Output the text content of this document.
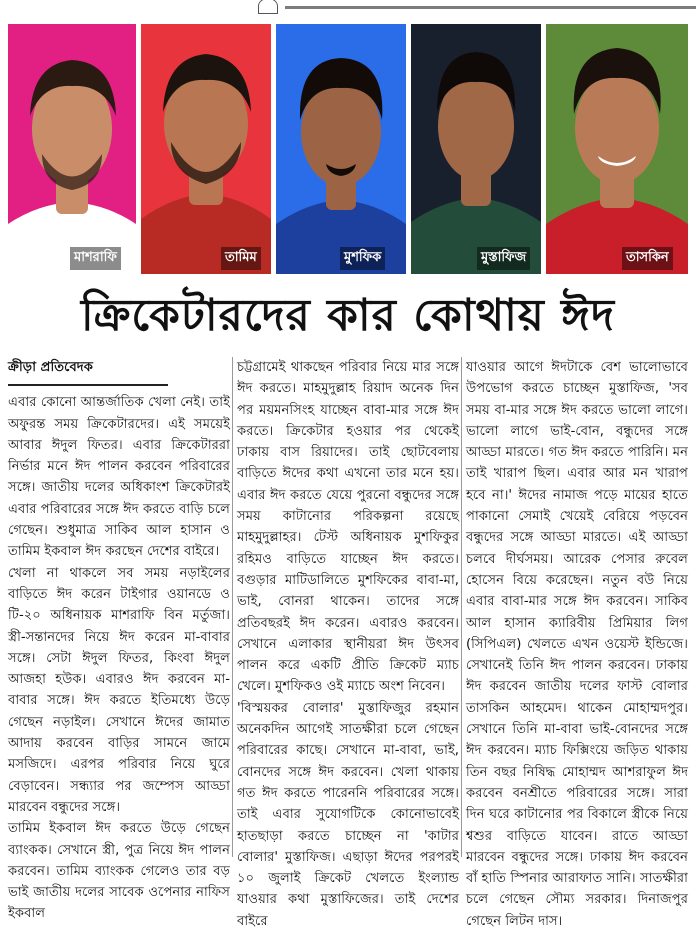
মাশরাফি	তামিম	মুশফিক	মুস্তাফিজ	তাসকিন
ক্রিকেটারদের কার কোথায় ঈদ
ক্রীড়া প্রতিবেদক

এবার কোনো আন্তর্জাতিক খেলা নেই। তাই অফুরন্ত সময় ক্রিকেটারদের। এই সময়েই আবার ঈদুল ফিতর। এবার ক্রিকেটাররা নির্ভার মনে ঈদ পালন করবেন পরিবারের সঙ্গে। জাতীয় দলের অধিকাংশ ক্রিকেটারই এবার পরিবারের সঙ্গে ঈদ করতে বাড়ি চলে গেছেন। শুধুমাত্র সাকিব আল হাসান ও তামিম ইকবাল ঈদ করছেন দেশের বাইরে।

খেলা না থাকলে সব সময় নড়াইলের বাড়িতে ঈদ করেন টাইগার ওয়ানডে ও টি-২০ অধিনায়ক মাশরাফি বিন মর্তুজা। স্ত্রী-সন্তানদের নিয়ে ঈদ করেন মা-বাবার সঙ্গে। সেটা ঈদুল ফিতর, কিংবা ঈদুল আজহা হউক। এবারও ঈদ করবেন মা-বাবার সঙ্গে। ঈদ করতে ইতিমধ্যে উড়ে গেছেন নড়াইল। সেখানে ঈদের জামাত আদায় করবেন বাড়ির সামনে জামে মসজিদে। এরপর পরিবার নিয়ে ঘুরে বেড়াবেন। সন্ধ্যার পর জম্পেস আড্ডা মারবেন বন্ধুদের সঙ্গে।

তামিম ইকবাল ঈদ করতে উড়ে গেছেন ব্যাংকক। সেখানে স্ত্রী, পুত্র নিয়ে ঈদ পালন করবেন। তামিম ব্যাংকক গেলেও তার বড় ভাই জাতীয় দলের সাবেক ওপেনার নাফিস ইকবাল

চট্টগ্রামেই থাকছেন পরিবার নিয়ে মার সঙ্গে ঈদ করতে। মাহমুদুল্লাহ রিয়াদ অনেক দিন পর ময়মনসিংহ যাচ্ছেন বাবা-মার সঙ্গে ঈদ করতে। ক্রিকেটার হওয়ার পর থেকেই ঢাকায় বাস রিয়াদের। তাই ছোটবেলায় বাড়িতে ঈদের কথা এখনো তার মনে হয়। এবার ঈদ করতে যেয়ে পুরনো বন্ধুদের সঙ্গে সময় কাটানোর পরিকল্পনা রয়েছে মাহমুদুল্লাহর। টেস্ট অধিনায়ক মুশফিকুর রহিমও বাড়িতে যাচ্ছেন ঈদ করতে। বগুড়ার মাটিডালিতে মুশফিকের বাবা-মা, ভাই, বোনরা থাকেন। তাদের সঙ্গে প্রতিবছরই ঈদ করেন। এবারও করবেন। সেখানে এলাকার স্থানীয়রা ঈদ উৎসব পালন করে একটি প্রীতি ক্রিকেট ম্যাচ খেলে। মুশফিকও ওই ম্যাচে অংশ নিবেন।

'বিস্ময়কর বোলার' মুস্তাফিজুর রহমান অনেকদিন আগেই সাতক্ষীরা চলে গেছেন পরিবারের কাছে। সেখানে মা-বাবা, ভাই, বোনদের সঙ্গে ঈদ করবেন। খেলা থাকায় গত ঈদ করতে পারেননি পরিবারের সঙ্গে। তাই এবার সুযোগটিকে কোনোভাবেই হাতছাড়া করতে চাচ্ছেন না 'কাটার বোলার' মুস্তাফিজ। এছাড়া ঈদের পরপরই ১০ জুলাই ক্রিকেট খেলতে ইংল্যান্ড যাওয়ার কথা মুস্তাফিজের। তাই দেশের বাইরে

যাওয়ার আগে ঈদটাকে বেশ ভালোভাবে উপভোগ করতে চাচ্ছেন মুস্তাফিজ, 'সব সময় বা-মার সঙ্গে ঈদ করতে ভালো লাগে। ভালো লাগে ভাই-বোন, বন্ধুদের সঙ্গে আড্ডা মারতে। গত ঈদ করতে পারিনি। মন তাই খারাপ ছিল। এবার আর মন খারাপ হবে না।' ঈদের নামাজ পড়ে মায়ের হাতে পাকানো সেমাই খেয়েই বেরিয়ে পড়বেন বন্ধুদের সঙ্গে আড্ডা মারতে। এই আড্ডা চলবে দীর্ঘসময়। আরেক পেসার রুবেল হোসেন বিয়ে করেছেন। নতুন বউ নিয়ে এবার বাবা-মার সঙ্গে ঈদ করবেন। সাকিব আল হাসান ক্যারিবীয় প্রিমিয়ার লিগ (সিপিএল) খেলতে এখন ওয়েস্ট ইন্ডিজে। সেখানেই তিনি ঈদ পালন করবেন। ঢাকায় ঈদ করবেন জাতীয় দলের ফাস্ট বোলার তাসকিন আহমেদ। থাকেন মোহাম্মদপুর। সেখানে তিনি মা-বাবা ভাই-বোনদের সঙ্গে ঈদ করবেন। ম্যাচ ফিক্সিংয়ে জড়িত থাকায় তিন বছর নিষিদ্ধ মোহাম্মদ আশরাফুল ঈদ করবেন বনশ্রীতে পরিবারের সঙ্গে। সারা দিন ঘরে কাটানোর পর বিকালে স্ত্রীকে নিয়ে শ্বশুর বাড়িতে যাবেন। রাতে আড্ডা মারবেন বন্ধুদের সঙ্গে। ঢাকায় ঈদ করবেন বাঁ হাতি স্পিনার আরাফাত সানি। সাতক্ষীরা চলে গেছেন সৌম্য সরকার। দিনাজপুর গেছেন লিটন দাস।
